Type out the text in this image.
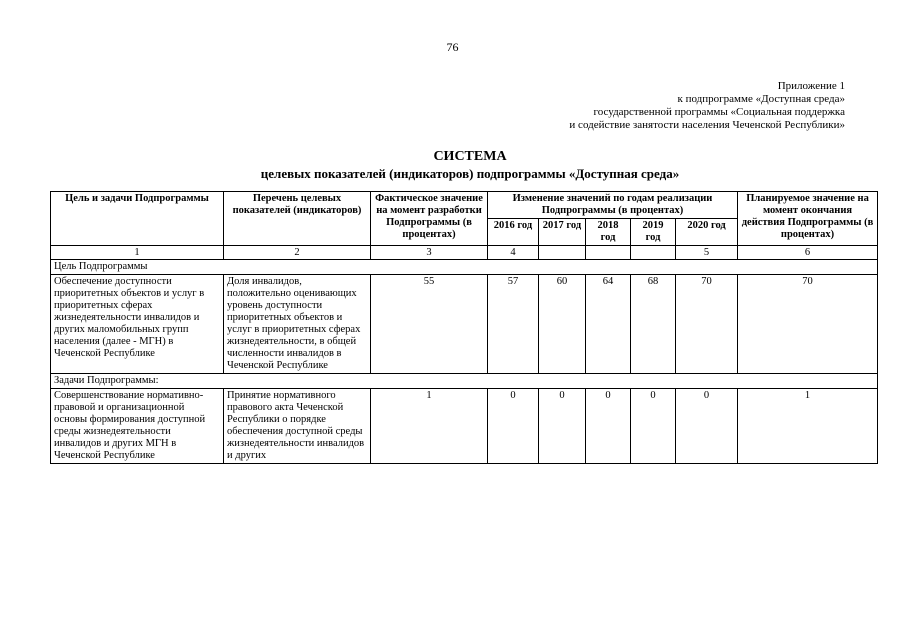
76
Приложение 1
к подпрограмме «Доступная среда»
государственной программы «Социальная поддержка
и содействие занятости населения Чеченской Республики»
СИСТЕМА
целевых показателей (индикаторов) подпрограммы «Доступная среда»
Цель и задачи Подпрограммы	Перечень целевых показателей (индикаторов)	Фактическое значение на момент разработки Подпрограммы (в процентах)	Изменение значений по годам реализации Подпрограммы (в процентах)					Планируемое значение на момент окончания действия Подпрограммы (в процентах)
			2016 год	2017 год	2018 год	2019 год	2020 год	
1	2	3	4				5	6
Цель Подпрограммы								
Обеспечение доступности приоритетных объектов и услуг в приоритетных сферах жизнедеятельности инвалидов и других маломобильных групп населения (далее - МГН) в Чеченской Республике	Доля инвалидов, положительно оценивающих уровень доступности приоритетных объектов и услуг в приоритетных сферах жизнедеятельности, в общей численности инвалидов в Чеченской Республике	55	57	60	64	68	70	70
Задачи Подпрограммы:								
Совершенствование нормативно-правовой и организационной основы формирования доступной среды жизнедеятельности инвалидов и других МГН в Чеченской Республике	Принятие нормативного правового акта Чеченской Республики о порядке обеспечения доступной среды жизнедеятельности инвалидов и других	1	0	0	0	0	0	1
